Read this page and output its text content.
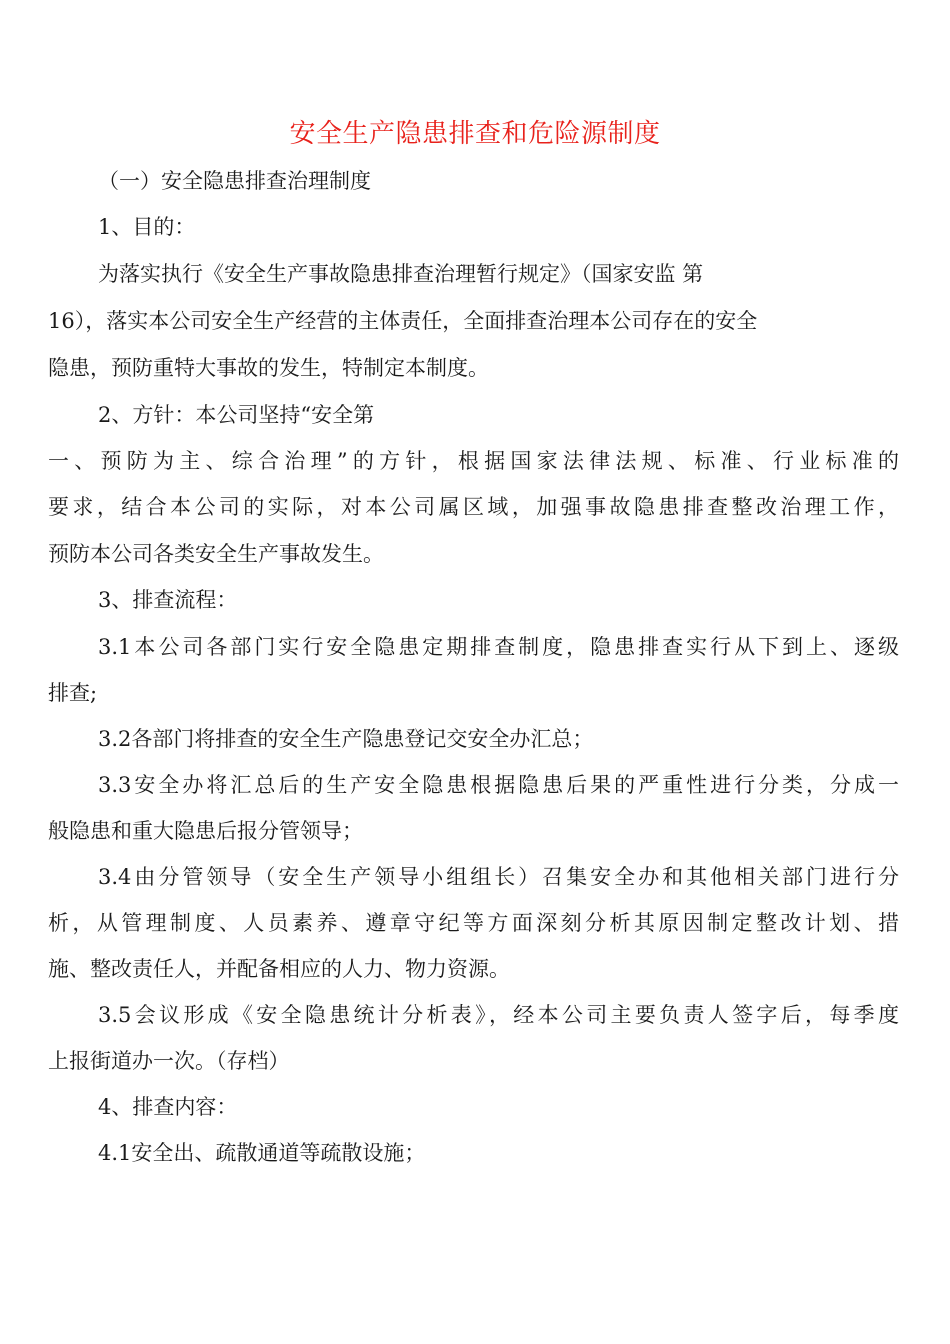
安全生产隐患排查和危险源制度
（一）安全隐患排查治理制度
1、目的：
为落实执行《安全生产事故隐患排查治理暂行规定》（国家安监 第
16），落实本公司安全生产经营的主体责任，全面排查治理本公司存在的安全
隐患，预防重特大事故的发生，特制定本制度。
2、方针：本公司坚持“安全第
一、预防为主、综合治理”的方针，根据国家法律法规、标准、行业标准的
要求，结合本公司的实际，对本公司属区域，加强事故隐患排查整改治理工作，
预防本公司各类安全生产事故发生。
3、排查流程：
3.1本公司各部门实行安全隐患定期排查制度，隐患排查实行从下到上、逐级
排查;
3.2各部门将排查的安全生产隐患登记交安全办汇总；
3.3安全办将汇总后的生产安全隐患根据隐患后果的严重性进行分类，分成一
般隐患和重大隐患后报分管领导；
3.4由分管领导（安全生产领导小组组长）召集安全办和其他相关部门进行分
析，从管理制度、人员素养、遵章守纪等方面深刻分析其原因制定整改计划、措
施、整改责任人，并配备相应的人力、物力资源。
3.5会议形成《安全隐患统计分析表》，经本公司主要负责人签字后，每季度
上报街道办一次。（存档）
4、排查内容：
4.1安全出、疏散通道等疏散设施；
